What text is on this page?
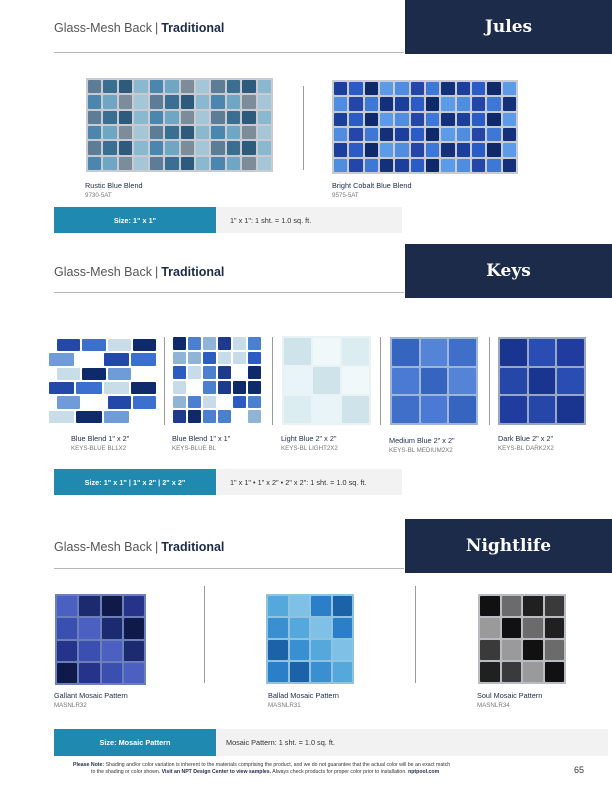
Glass-Mesh Back | Traditional	Jules
Rustic Blue Blend
9730-5AT
Bright Cobalt Blue Blend
9575-5AT
Size: 1" x 1"	1" x 1": 1 sht. = 1.0 sq. ft.
Glass-Mesh Back | Traditional	Keys
Blue Blend 1" x 2"
KEYS-BLUE BL1X2
Blue Blend 1" x 1"
KEYS-BLUE BL
Light Blue 2" x 2"
KEYS-BL LIGHT2X2
Medium Blue 2" x 2"
KEYS-BL MEDIUM2X2
Dark Blue 2" x 2"
KEYS-BL DARK2X2
Size: 1" x 1" | 1" x 2" | 2" x 2"	1" x 1" • 1" x 2" • 2" x 2": 1 sht. = 1.0 sq. ft.
Glass-Mesh Back | Traditional	Nightlife
Gallant Mosaic Pattern
MASNLR32
Ballad Mosaic Pattern
MASNLR31
Soul Mosaic Pattern
MASNLR34
Size: Mosaic Pattern	Mosaic Pattern: 1 sht. = 1.0 sq. ft.
Please Note: Shading and/or color variation is inherent to the materials comprising the product, and we do not guarantee that the actual color will be an exact match
to the shading or color shown. Visit an NPT Design Center to view samples. Always check products for proper color prior to installation. nptpool.com	65
